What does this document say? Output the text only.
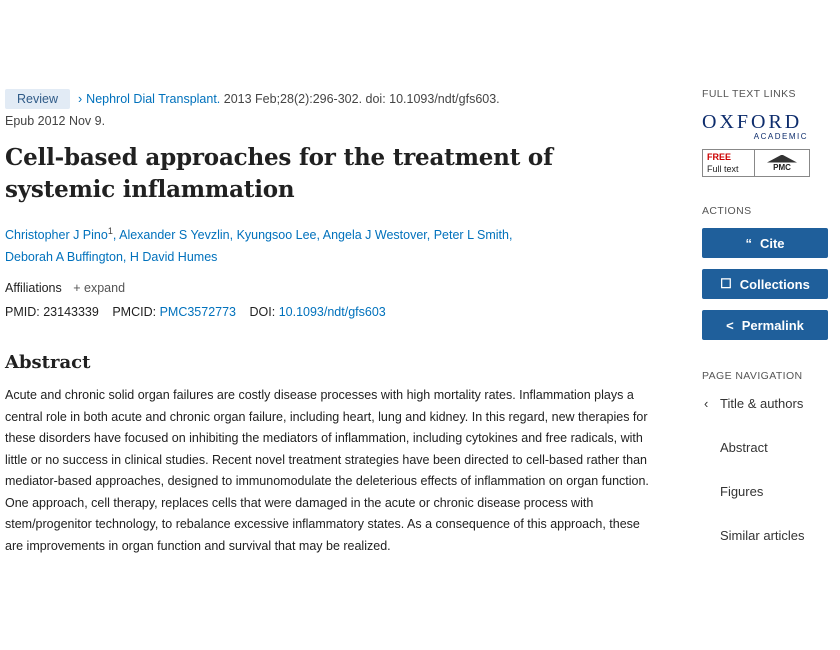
Review › Nephrol Dial Transplant. 2013 Feb;28(2):296-302. doi: 10.1093/ndt/gfs603.
Epub 2012 Nov 9.
Cell-based approaches for the treatment of systemic inflammation
Christopher J Pino$^1$, Alexander S Yevzlin, Kyungsoo Lee, Angela J Westover, Peter L Smith,
Deborah A Buffington, H David Humes
Affiliations + expand
PMID: 23143339 PMCID: PMC3572773 DOI: 10.1093/ndt/gfs603
Abstract

Acute and chronic solid organ failures are costly disease processes with high mortality rates. Inflammation plays a central role in both acute and chronic organ failure, including heart, lung and kidney. In this regard, new therapies for these disorders have focused on inhibiting the mediators of inflammation, including cytokines and free radicals, with little or no success in clinical studies. Recent novel treatment strategies have been directed to cell-based rather than mediator-based approaches, designed to immunomodulate the deleterious effects of inflammation on organ function. One approach, cell therapy, replaces cells that were damaged in the acute or chronic disease process with stem/progenitor technology, to rebalance excessive inflammatory states. As a consequence of this approach, these are improvements in organ function and survival that may be realized.

FULL TEXT LINKS
OXFORD
ACADEMIC
FREE
Full text	PMC
ACTIONS
“ Cite
☐ Collections
< Permalink
PAGE NAVIGATION
‹ Title & authors
Abstract
Figures
Similar articles
